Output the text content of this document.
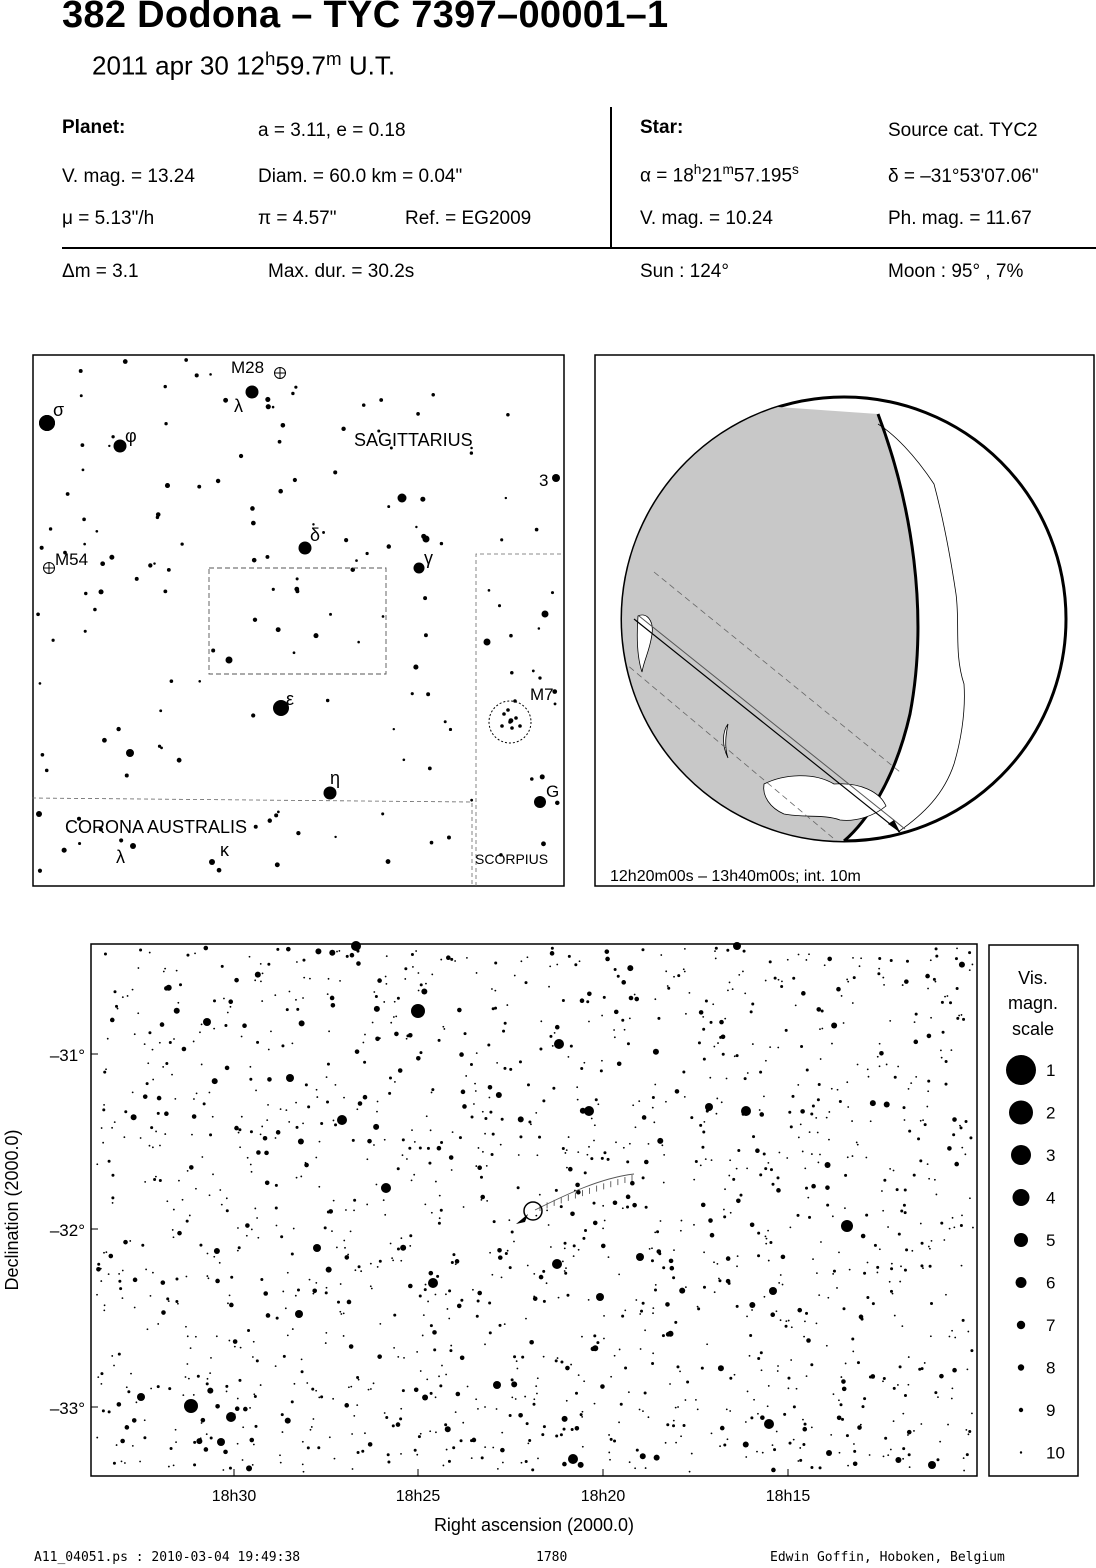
382 Dodona – TYC 7397–00001–1
2011 apr 30 12$^h$59.7$^m$ U.T.
Planet:	a = 3.11, e = 0.18
V. mag. = 13.24	Diam. = 60.0 km = 0.04"
μ = 5.13"/h	π = 4.57"	Ref. = EG2009
Star:	Source cat. TYC2
$\alpha = 18^h21^m57.195^s$	δ = –31°53'07.06"
V. mag. = 10.24	Ph. mag. = 11.67
Δm = 3.1	Max. dur. = 30.2s	Sun : 124°	Moon : 95° , 7%
SAGITTARIUS
CORONA AUSTRALIS
SCORPIUS
M28
M54
M7
σ
φ
λ
δ
γ
ε
η
λ	κ
3
G
12h20m00s – 13h40m00s; int. 10m
–31°
–32°
–33°
18h30	18h25	18h20	18h15
Right ascension (2000.0)
Declination (2000.0)
Vis.
magn.
scale
1
2
3
4
5
6
7
8
9
10
A11_04051.ps : 2010-03-04 19:49:38	1780	Edwin Goffin, Hoboken, Belgium
